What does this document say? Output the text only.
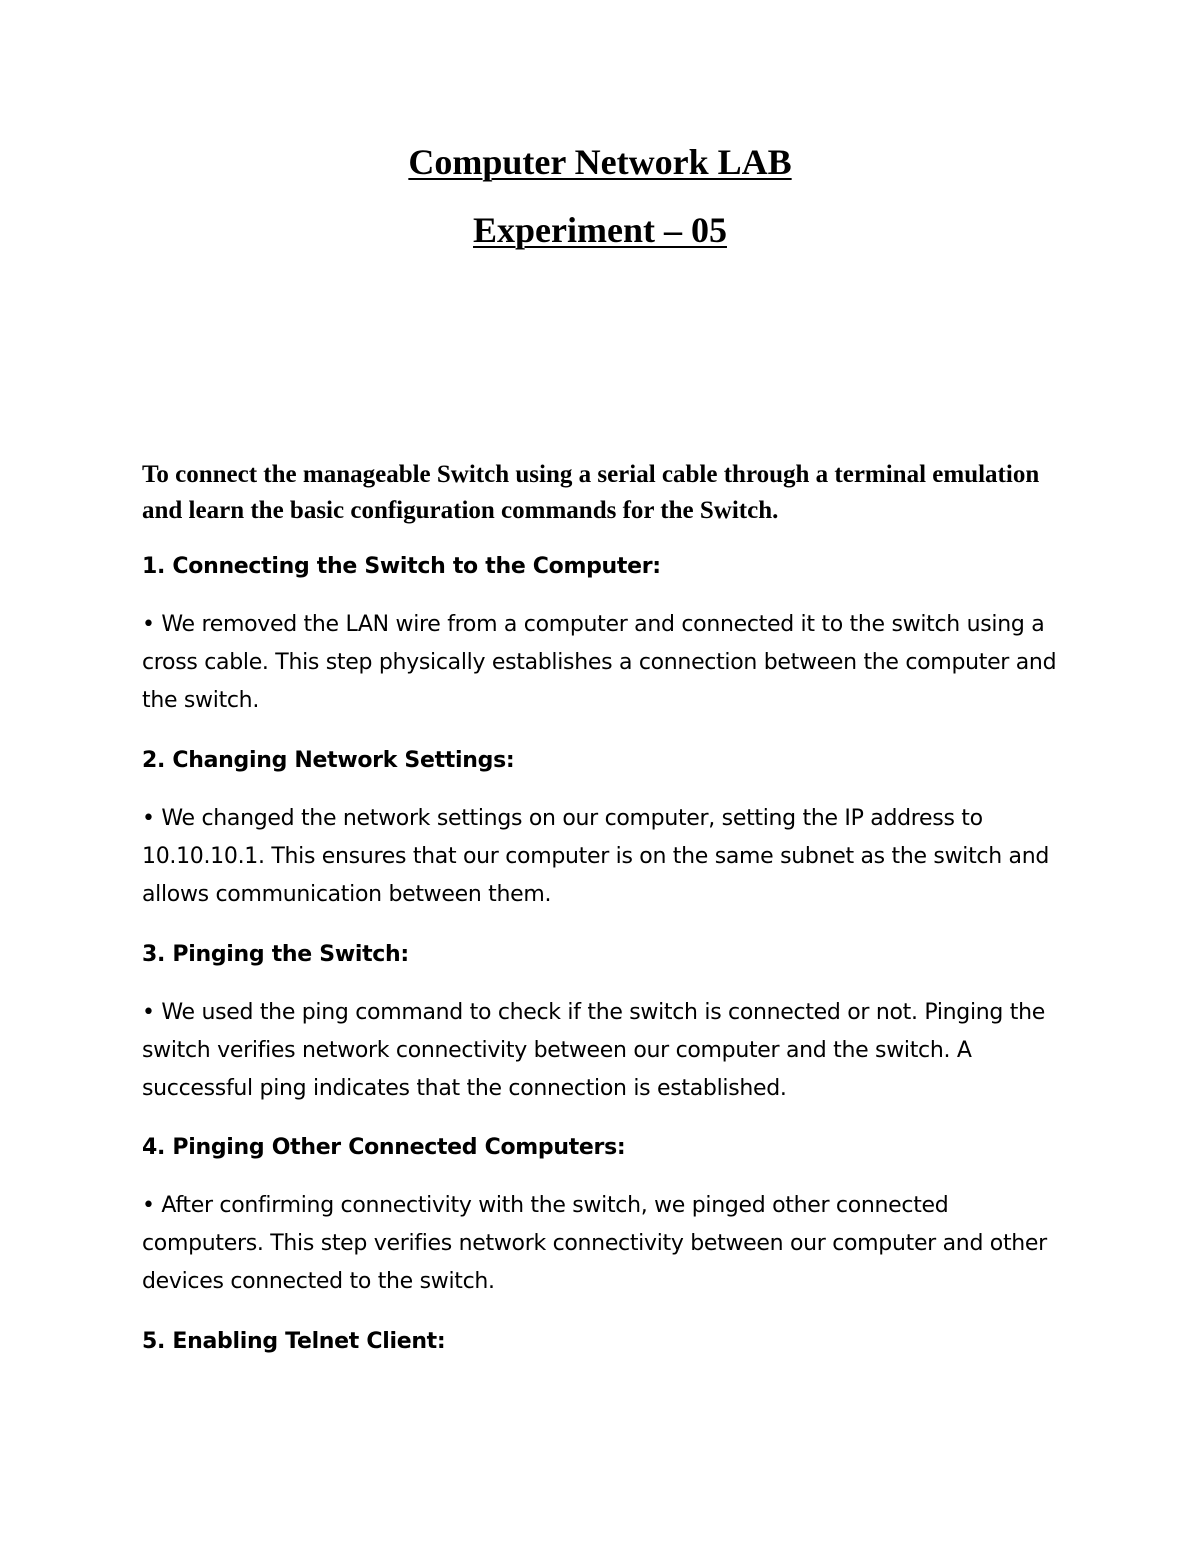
Computer Network LAB
Experiment – 05

To connect the manageable Switch using a serial cable through a terminal emulation and learn the basic configuration commands for the Switch.

1. Connecting the Switch to the Computer:

• We removed the LAN wire from a computer and connected it to the switch using a cross cable. This step physically establishes a connection between the computer and the switch.

2. Changing Network Settings:

• We changed the network settings on our computer, setting the IP address to 10.10.10.1. This ensures that our computer is on the same subnet as the switch and allows communication between them.

3. Pinging the Switch:

• We used the ping command to check if the switch is connected or not. Pinging the switch verifies network connectivity between our computer and the switch. A successful ping indicates that the connection is established.

4. Pinging Other Connected Computers:

• After confirming connectivity with the switch, we pinged other connected computers. This step verifies network connectivity between our computer and other devices connected to the switch.

5. Enabling Telnet Client:
